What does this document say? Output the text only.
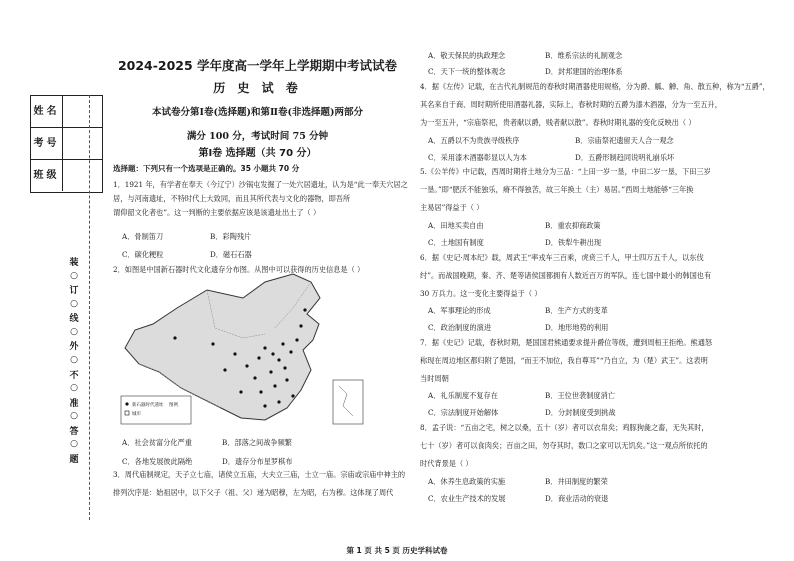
姓名
考号
班级
装
○
订
○
线
○
外
○
不
○
准
○
答
○
题
2024-2025 学年度高一学年上学期期中考试试卷
历 史 试 卷
本试卷分第Ⅰ卷(选择题)和第Ⅱ卷(非选择题)两部分
满分 100 分，考试时间 75 分钟
第Ⅰ卷 选择题（共 70 分）
选择题：下列只有一个选项是正确的。35 小题共 70 分
1．1921 年，有学者在奉天（今辽宁）沙锅屯发掘了一处穴居遗址，认为是“此一奉天穴居之
居，与河南遗址，不特时代上大致同，而且其所代表与文化的器物，即吾所
谓仰韶文化者也”。这一判断的主要依据应该是该遗址出土了（ ）
A．骨制笛刀	B．彩陶残片
C．碳化粳粒	D．磁石石器
2．如图是中国新石器时代文化遗存分布图。从图中可以获得的历史信息是（ ）
新石器时代遗址
城市
图例
A．社会贫富分化严重	B．部落之间战争频繁
C．各地发展彼此隔绝	D．遗存分布星罗棋布
3．周代庙制规定，天子立七庙，诸侯立五庙，大夫立三庙，士立一庙。宗庙或宗庙中神主的
排列次序是：始祖居中，以下父子（祖、父）递为昭穆，左为昭，右为穆。这体现了周代
A．敬天保民的执政理念	B．维系宗法的礼制观念
C．天下一统的整体观念	D．封邦建国的治理体系
4．据《左传》记载，在古代礼制规范的春秋时期酒器使用规格，分为爵、觚、觯、角、散五种，称为“五爵”，
其名来自于商、周时期所使用酒器礼器，实际上，春秋时期的五爵为漆木酒器，分为一至五升，
为一至五升，“宗庙祭祀，贵者献以爵，贱者献以散”。春秋时期礼器的变化反映出（ ）
A．五爵以不为贵族寻级秩序	B．宗庙祭祀遗留天人合一观念
C．采用漆木酒器彰显以人为本	D．五爵形制趋同说明礼崩乐坏
5.《公羊传》中记载，西周时期将土地分为三品：“上田一岁一垦，中田二岁一垦，下田三岁
一垦。”即“肥沃不能独乐，瘠不得独苦，故三年换土（主）易居。”西周土地能够“三年换
主易居”得益于（ ）
A．田地买卖自由	B．重农抑商政策
C．土地国有制度	D．铁犁牛耕出现
6．据《史记·周本纪》载，周武王“率戎车三百乘，虎贲三千人，甲士四万五千人，以东伐
纣”。而战国晚期，秦、齐、楚等诸侯国都拥有人数近百万的军队，连七国中最小的韩国也有
30 万兵力。这一变化主要得益于（ ）
A．军事理论的形成	B．生产方式的变革
C．政治制度的演进	D．地形地势的利用
7．据《史记》记载，春秋时期，楚国国君熊通要求提升爵位等级，遭到周桓王拒绝。熊通怒
称现在周边地区都归附了楚国，“而王不加位，我自尊耳”“乃自立，为（楚）武王”。这表明
当时周朝
A．礼乐制度不复存在	B．王位世袭制度消亡
C．宗法制度开始解体	D．分封制度受到挑战
8．孟子说：“五亩之宅，树之以桑，五十（岁）者可以衣帛矣；鸡豚狗彘之畜，无失其时，
七十（岁）者可以食肉矣；百亩之田，勿夺其时，数口之家可以无饥矣。”这一观点所依托的
时代背景是（ ）
A．休养生息政策的实施	B．井田制度的繁荣
C．农业生产技术的发展	D．商业活动的衰退
第 1 页 共 5 页 历史学科试卷
